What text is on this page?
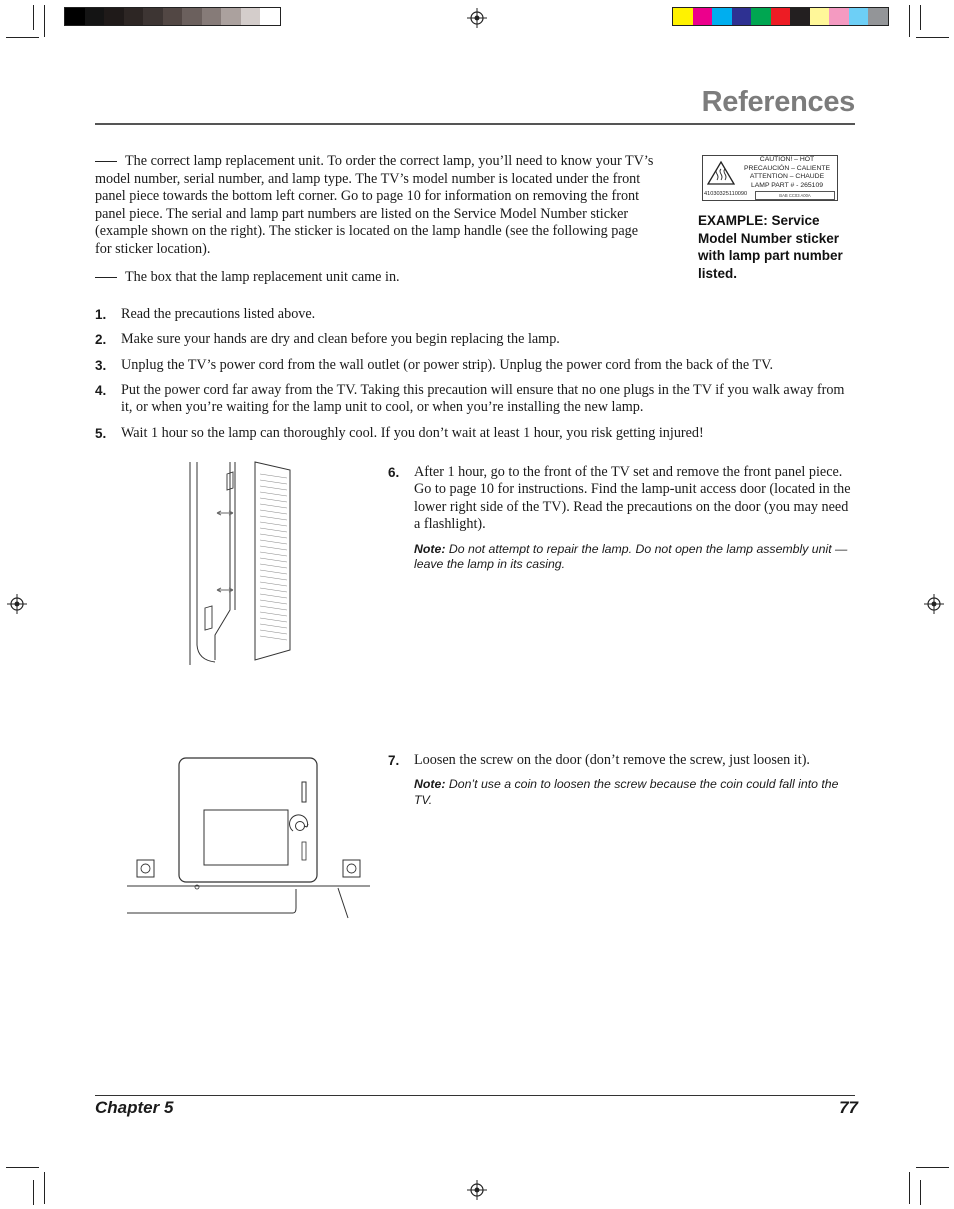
References
The correct lamp replacement unit. To order the correct lamp, you’ll need to know your TV’s model number, serial number, and lamp type. The TV’s model number is located under the front panel piece towards the bottom left corner. Go to page 10 for information on removing the front panel piece. The serial and lamp part numbers are listed on the Service Model Number sticker (example shown on the right). The sticker is located on the lamp handle (see the following page for sticker location).
The box that the lamp replacement unit came in.
CAUTION! – HOT
PRECAUCIÓN – CALIENTE
ATTENTION – CHAUDE
LAMP PART # - 265109
41030325110090	BAB CC03 A00A
EXAMPLE: Service Model Number sticker with lamp part number listed.
1. Read the precautions listed above.
2. Make sure your hands are dry and clean before you begin replacing the lamp.
3. Unplug the TV’s power cord from the wall outlet (or power strip). Unplug the power cord from the back of the TV.
4. Put the power cord far away from the TV. Taking this precaution will ensure that no one plugs in the TV if you walk away from it, or when you’re waiting for the lamp unit to cool, or when you’re installing the new lamp.
5. Wait 1 hour so the lamp can thoroughly cool. If you don’t wait at least 1 hour, you risk getting injured!
6. After 1 hour, go to the front of the TV set and remove the front panel piece. Go to page 10 for instructions. Find the lamp-unit access door (located in the lower right side of the TV). Read the precautions on the door (you may need a flashlight).
Note: Do not attempt to repair the lamp. Do not open the lamp assembly unit — leave the lamp in its casing.
7. Loosen the screw on the door (don’t remove the screw, just loosen it).
Note: Don’t use a coin to loosen the screw because the coin could fall into the TV.
Chapter 5	77
